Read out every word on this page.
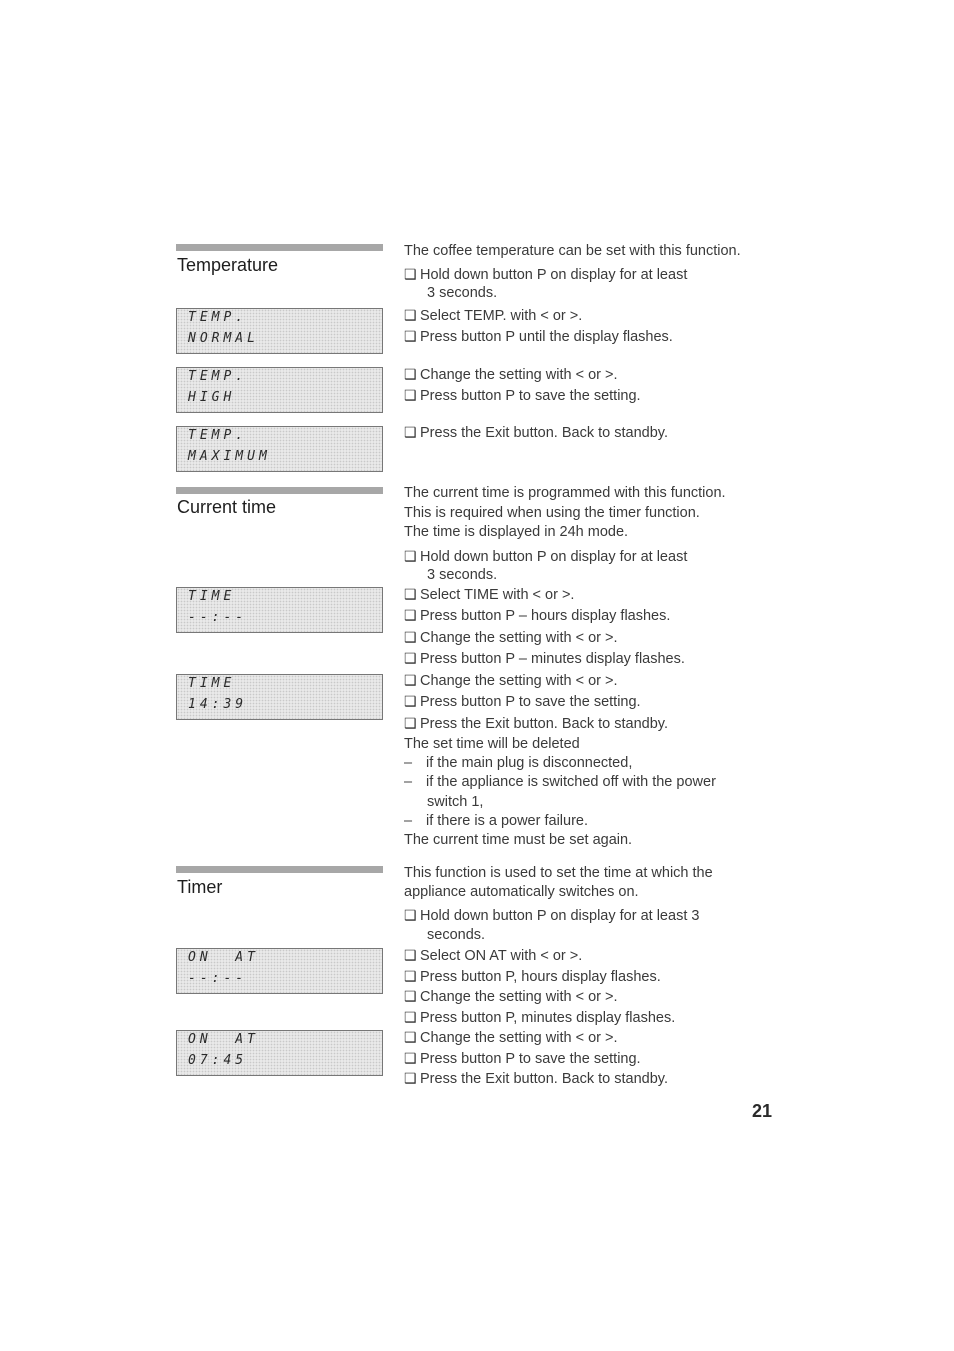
Temperature
TEMP.
NORMAL
TEMP.
HIGH
TEMP.
MAXIMUM
The coffee temperature can be set with this function.
❑ Hold down button P on display for at least
3 seconds.
❑ Select TEMP. with < or >.
❑ Press button P until the display flashes.
❑ Change the setting with < or >.
❑ Press button P to save the setting.
❑ Press the Exit button. Back to standby.
Current time
TIME
--:--
TIME
14:39
The current time is programmed with this function.
This is required when using the timer function.
The time is displayed in 24h mode.
❑ Hold down button P on display for at least
3 seconds.
❑ Select TIME with < or >.
❑ Press button P – hours display flashes.
❑ Change the setting with < or >.
❑ Press button P – minutes display flashes.
❑ Change the setting with < or >.
❑ Press button P to save the setting.
❑ Press the Exit button. Back to standby.
The set time will be deleted
– if the main plug is disconnected,
– if the appliance is switched off with the power
switch 1,
– if there is a power failure.
The current time must be set again.
Timer
ON  AT
--:--
ON  AT
07:45
This function is used to set the time at which the
appliance automatically switches on.
❑ Hold down button P on display for at least 3
seconds.
❑ Select ON AT with < or >.
❑ Press button P, hours display flashes.
❑ Change the setting with < or >.
❑ Press button P, minutes display flashes.
❑ Change the setting with < or >.
❑ Press button P to save the setting.
❑ Press the Exit button. Back to standby.
21
